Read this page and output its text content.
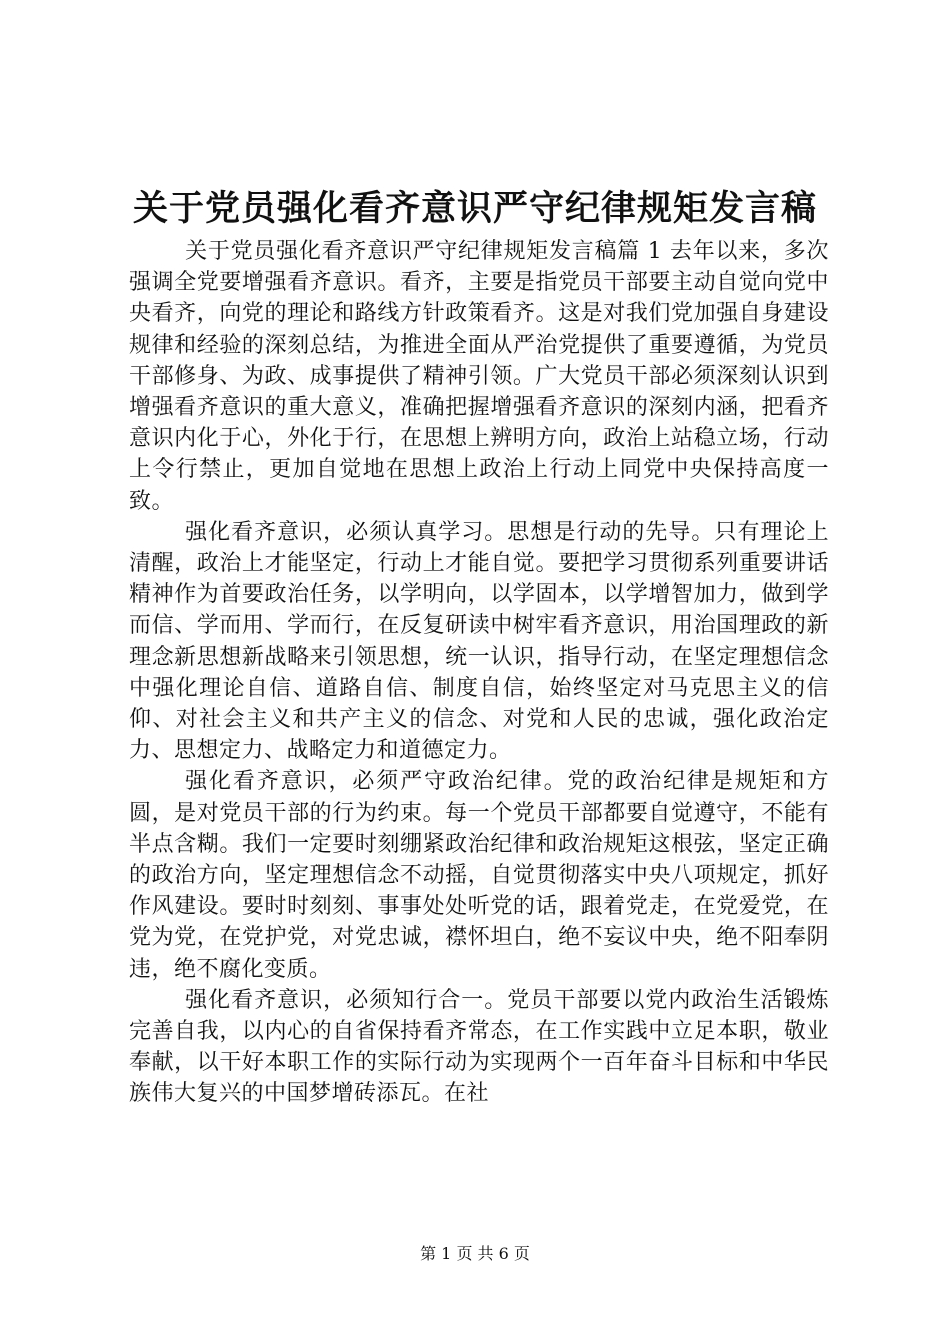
关于党员强化看齐意识严守纪律规矩发言稿

关于党员强化看齐意识严守纪律规矩发言稿篇 1 去年以来，多次强调全党要增强看齐意识。看齐，主要是指党员干部要主动自觉向党中央看齐，向党的理论和路线方针政策看齐。这是对我们党加强自身建设规律和经验的深刻总结，为推进全面从严治党提供了重要遵循，为党员干部修身、为政、成事提供了精神引领。广大党员干部必须深刻认识到增强看齐意识的重大意义，准确把握增强看齐意识的深刻内涵，把看齐意识内化于心，外化于行，在思想上辨明方向，政治上站稳立场，行动上令行禁止，更加自觉地在思想上政治上行动上同党中央保持高度一致。

强化看齐意识，必须认真学习。思想是行动的先导。只有理论上清醒，政治上才能坚定，行动上才能自觉。要把学习贯彻系列重要讲话精神作为首要政治任务，以学明向，以学固本，以学增智加力，做到学而信、学而用、学而行，在反复研读中树牢看齐意识，用治国理政的新理念新思想新战略来引领思想，统一认识，指导行动，在坚定理想信念中强化理论自信、道路自信、制度自信，始终坚定对马克思主义的信仰、对社会主义和共产主义的信念、对党和人民的忠诚，强化政治定力、思想定力、战略定力和道德定力。

强化看齐意识，必须严守政治纪律。党的政治纪律是规矩和方圆，是对党员干部的行为约束。每一个党员干部都要自觉遵守，不能有半点含糊。我们一定要时刻绷紧政治纪律和政治规矩这根弦，坚定正确的政治方向，坚定理想信念不动摇，自觉贯彻落实中央八项规定，抓好作风建设。要时时刻刻、事事处处听党的话，跟着党走，在党爱党，在党为党，在党护党，对党忠诚，襟怀坦白，绝不妄议中央，绝不阳奉阴违，绝不腐化变质。

强化看齐意识，必须知行合一。党员干部要以党内政治生活锻炼完善自我，以内心的自省保持看齐常态，在工作实践中立足本职，敬业奉献，以干好本职工作的实际行动为实现两个一百年奋斗目标和中华民族伟大复兴的中国梦增砖添瓦。在社

第 1 页 共 6 页
